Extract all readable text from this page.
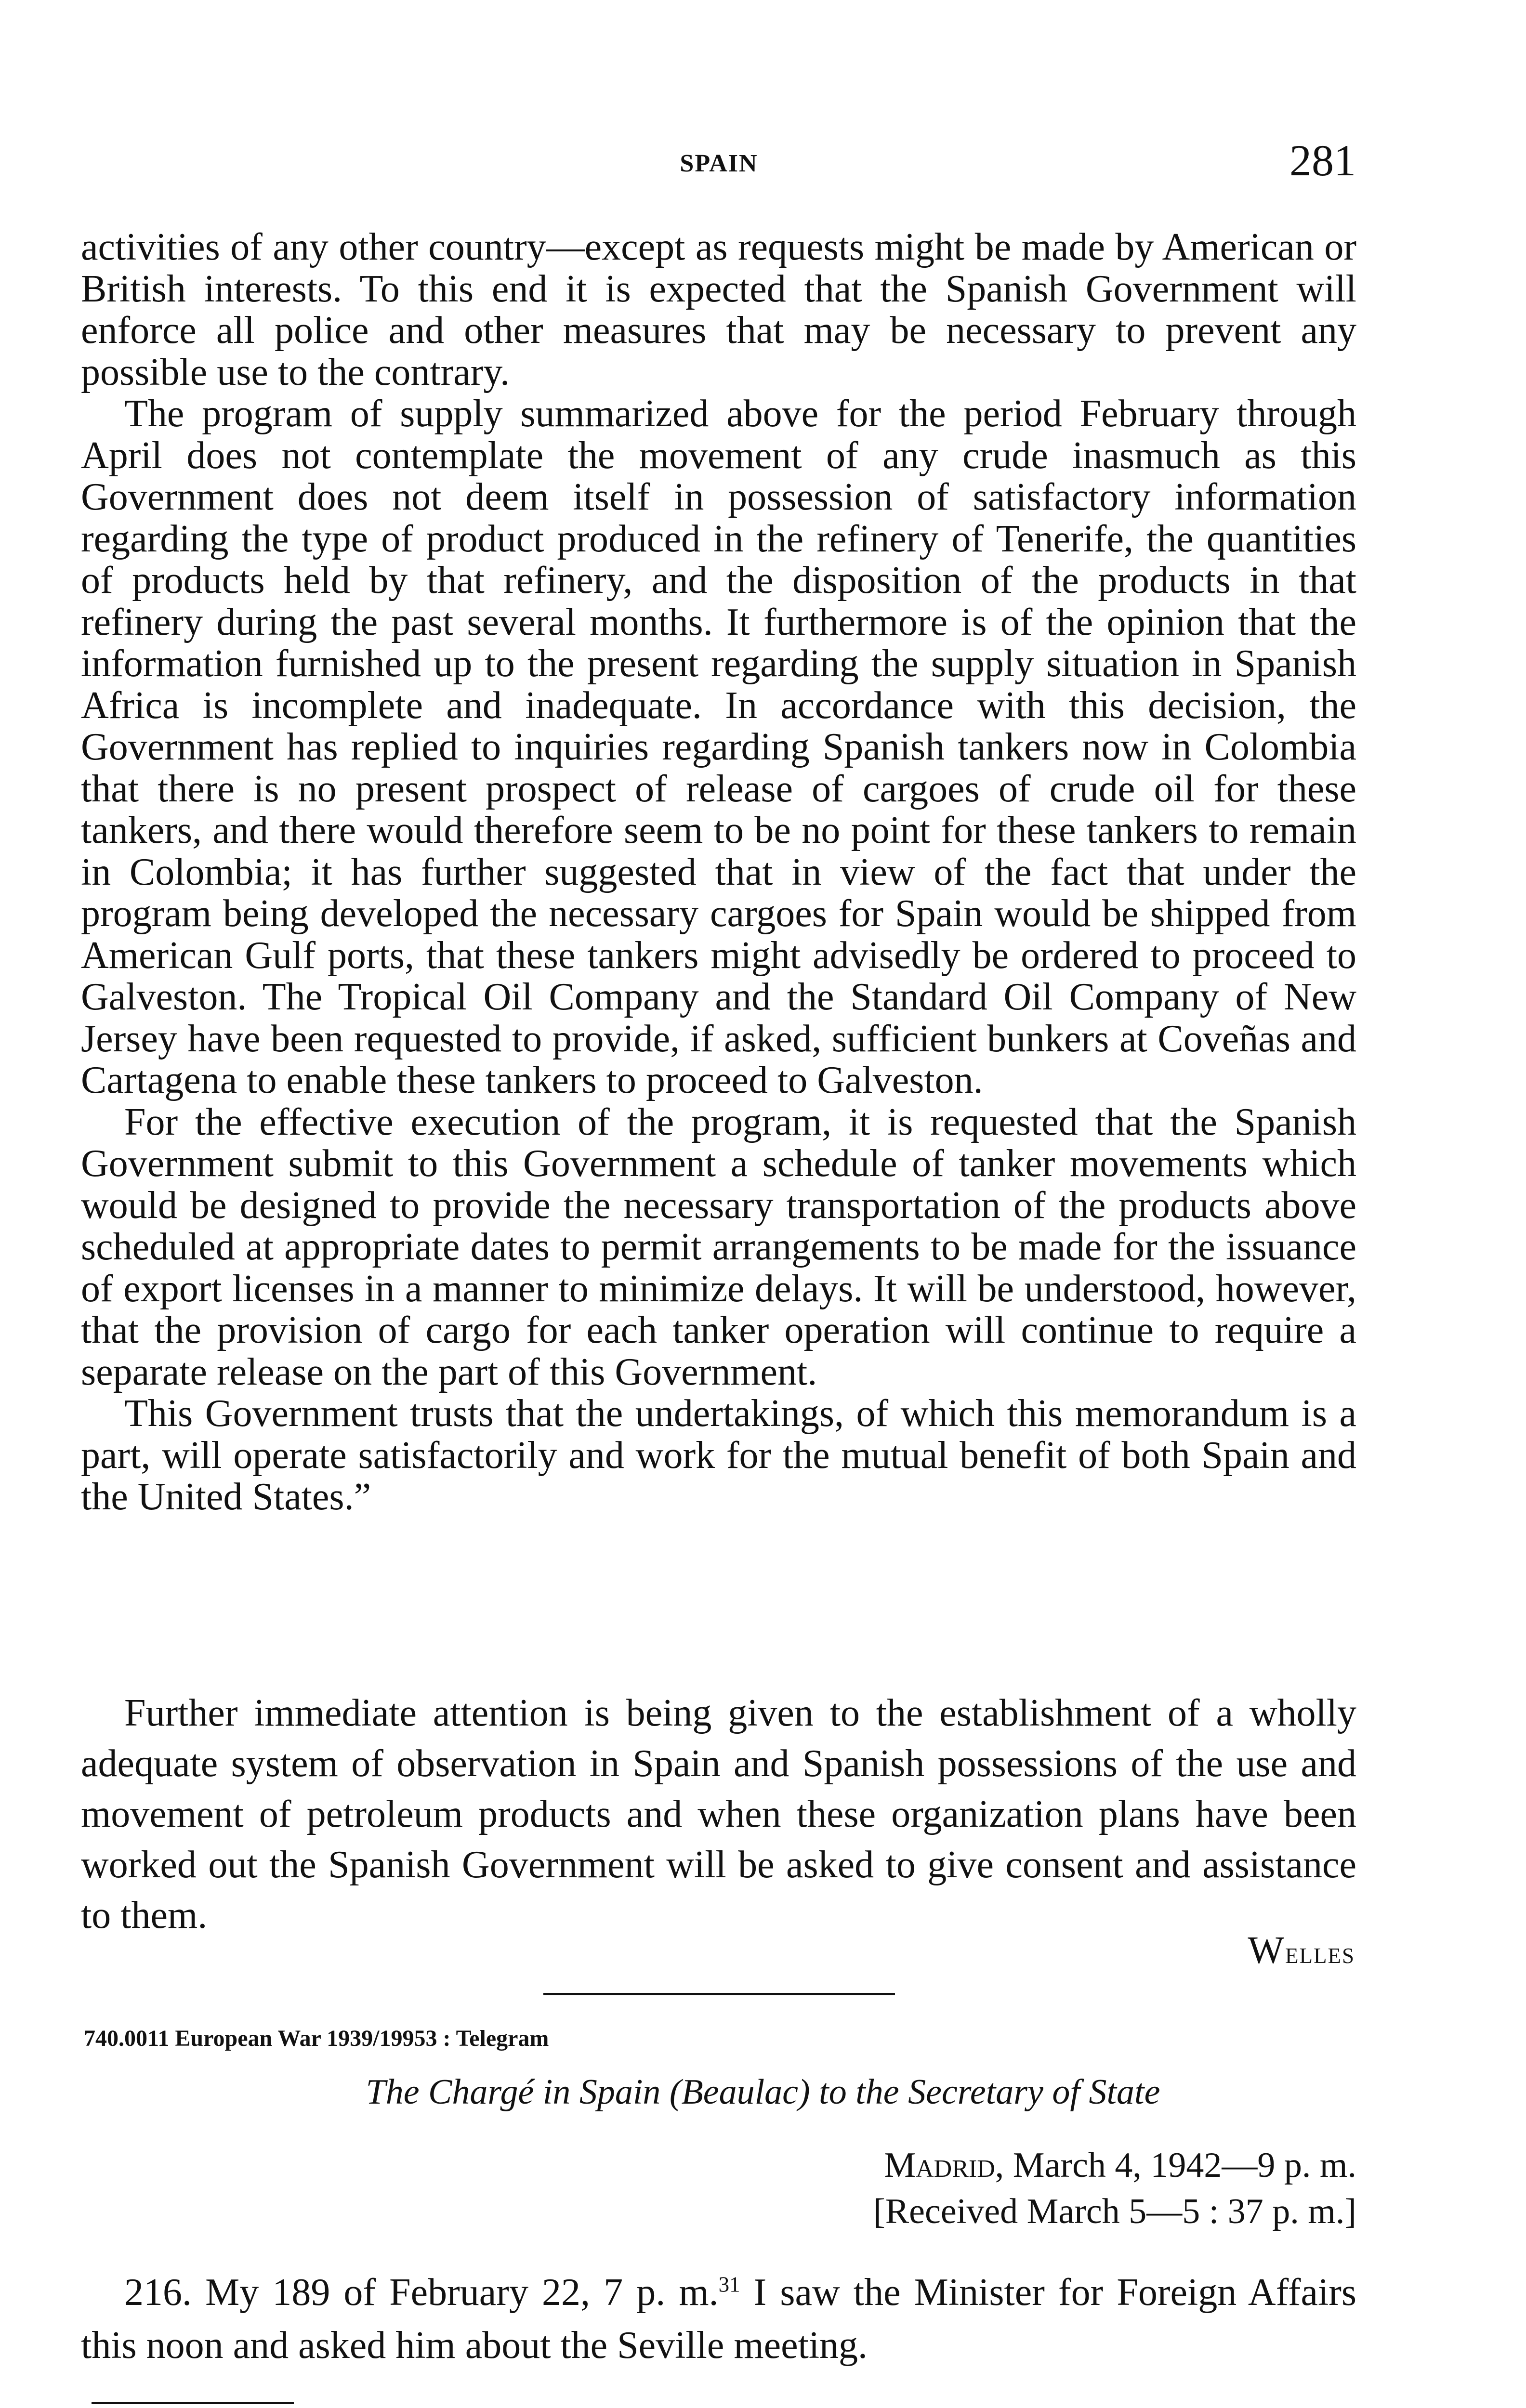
SPAIN	281

activities of any other country—except as requests might be made by American or British interests. To this end it is expected that the Spanish Government will enforce all police and other measures that may be necessary to prevent any possible use to the contrary.

The program of supply summarized above for the period February through April does not contemplate the movement of any crude inasmuch as this Government does not deem itself in possession of satisfactory information regarding the type of product produced in the refinery of Tenerife, the quantities of products held by that refinery, and the disposition of the products in that refinery during the past several months. It furthermore is of the opinion that the information furnished up to the present regarding the supply situation in Spanish Africa is incomplete and inadequate. In accordance with this decision, the Government has replied to inquiries regarding Spanish tankers now in Colombia that there is no present prospect of release of cargoes of crude oil for these tankers, and there would therefore seem to be no point for these tankers to remain in Colombia; it has further suggested that in view of the fact that under the program being developed the necessary cargoes for Spain would be shipped from American Gulf ports, that these tankers might advisedly be ordered to proceed to Galveston. The Tropical Oil Company and the Standard Oil Company of New Jersey have been requested to provide, if asked, sufficient bunkers at Coveñas and Cartagena to enable these tankers to proceed to Galveston.

For the effective execution of the program, it is requested that the Spanish Government submit to this Government a schedule of tanker movements which would be designed to provide the necessary transportation of the products above scheduled at appropriate dates to permit arrangements to be made for the issuance of export licenses in a manner to minimize delays. It will be understood, however, that the provision of cargo for each tanker operation will continue to require a separate release on the part of this Government.

This Government trusts that the undertakings, of which this memorandum is a part, will operate satisfactorily and work for the mutual benefit of both Spain and the United States.”

Further immediate attention is being given to the establishment of a wholly adequate system of observation in Spain and Spanish possessions of the use and movement of petroleum products and when these organization plans have been worked out the Spanish Government will be asked to give consent and assistance to them.

Welles
740.0011 European War 1939/19953 : Telegram
The Chargé in Spain (Beaulac) to the Secretary of State
Madrid, March 4, 1942—9 p. m.
[Received March 5—5 : 37 p. m.]

216. My 189 of February 22, 7 p. m.$^{31}$ I saw the Minister for Foreign Affairs this noon and asked him about the Seville meeting.
